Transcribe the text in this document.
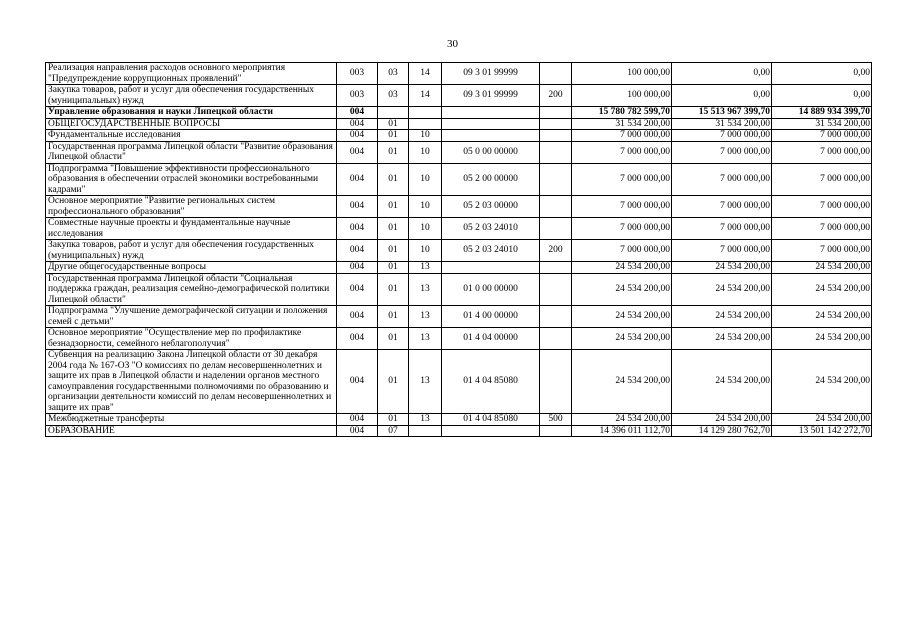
30
Реализация направления расходов основного мероприятия "Предупреждение коррупционных проявлений"	003	03	14	09 3 01 99999		100 000,00	0,00	0,00
Закупка товаров, работ и услуг для обеспечения государственных (муниципальных) нужд	003	03	14	09 3 01 99999	200	100 000,00	0,00	0,00
Управление образования и науки Липецкой области	004					15 780 782 599,70	15 513 967 399,70	14 889 934 399,70
ОБЩЕГОСУДАРСТВЕННЫЕ ВОПРОСЫ	004	01				31 534 200,00	31 534 200,00	31 534 200,00
Фундаментальные исследования	004	01	10			7 000 000,00	7 000 000,00	7 000 000,00
Государственная программа Липецкой области "Развитие образования Липецкой области"	004	01	10	05 0 00 00000		7 000 000,00	7 000 000,00	7 000 000,00
Подпрограмма "Повышение эффективности профессионального образования в обеспечении отраслей экономики востребованными кадрами"	004	01	10	05 2 00 00000		7 000 000,00	7 000 000,00	7 000 000,00
Основное мероприятие "Развитие региональных систем профессионального образования"	004	01	10	05 2 03 00000		7 000 000,00	7 000 000,00	7 000 000,00
Совместные научные проекты и фундаментальные научные исследования	004	01	10	05 2 03 24010		7 000 000,00	7 000 000,00	7 000 000,00
Закупка товаров, работ и услуг для обеспечения государственных (муниципальных) нужд	004	01	10	05 2 03 24010	200	7 000 000,00	7 000 000,00	7 000 000,00
Другие общегосударственные вопросы	004	01	13			24 534 200,00	24 534 200,00	24 534 200,00
Государственная программа Липецкой области "Социальная поддержка граждан, реализация семейно-демографической политики Липецкой области"	004	01	13	01 0 00 00000		24 534 200,00	24 534 200,00	24 534 200,00
Подпрограмма "Улучшение демографической ситуации и положения семей с детьми"	004	01	13	01 4 00 00000		24 534 200,00	24 534 200,00	24 534 200,00
Основное мероприятие "Осуществление мер по профилактике безнадзорности, семейного неблагополучия"	004	01	13	01 4 04 00000		24 534 200,00	24 534 200,00	24 534 200,00
Субвенция на реализацию Закона Липецкой области от 30 декабря 2004 года № 167-ОЗ "О комиссиях по делам несовершеннолетних и защите их прав в Липецкой области и наделении органов местного самоуправления государственными полномочиями по образованию и организации деятельности комиссий по делам несовершеннолетних и защите их прав"	004	01	13	01 4 04 85080		24 534 200,00	24 534 200,00	24 534 200,00
Межбюджетные трансферты	004	01	13	01 4 04 85080	500	24 534 200,00	24 534 200,00	24 534 200,00
ОБРАЗОВАНИЕ	004	07				14 396 011 112,70	14 129 280 762,70	13 501 142 272,70
